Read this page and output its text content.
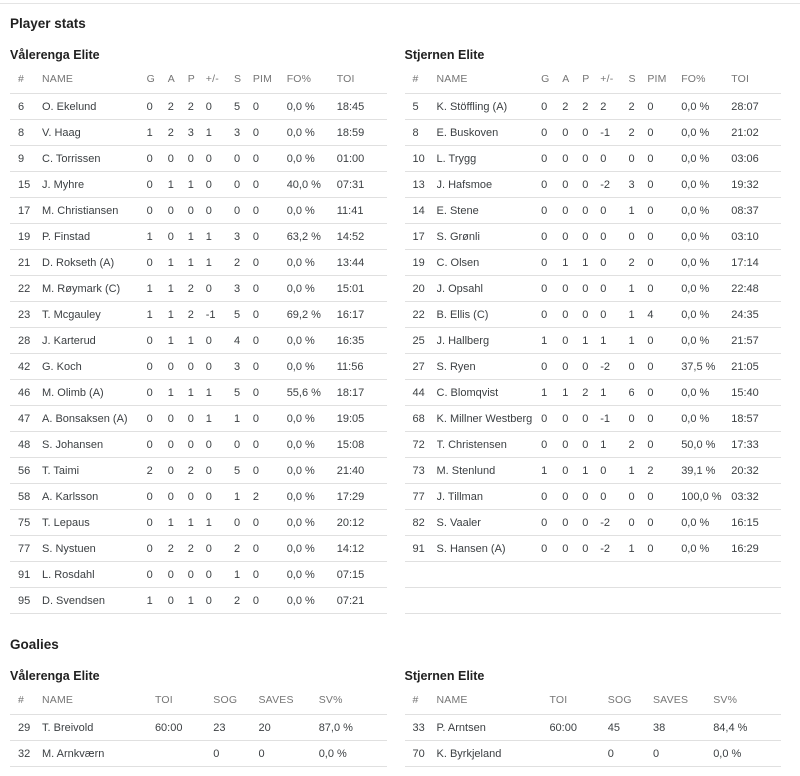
Player stats
Vålerenga Elite
#	NAME	G	A	P	+/-	S	PIM	FO%	TOI
6	O. Ekelund	0	2	2	0	5	0	0,0 %	18:45
8	V. Haag	1	2	3	1	3	0	0,0 %	18:59
9	C. Torrissen	0	0	0	0	0	0	0,0 %	01:00
15	J. Myhre	0	1	1	0	0	0	40,0 %	07:31
17	M. Christiansen	0	0	0	0	0	0	0,0 %	11:41
19	P. Finstad	1	0	1	1	3	0	63,2 %	14:52
21	D. Rokseth (A)	0	1	1	1	2	0	0,0 %	13:44
22	M. Røymark (C)	1	1	2	0	3	0	0,0 %	15:01
23	T. Mcgauley	1	1	2	-1	5	0	69,2 %	16:17
28	J. Karterud	0	1	1	0	4	0	0,0 %	16:35
42	G. Koch	0	0	0	0	3	0	0,0 %	11:56
46	M. Olimb (A)	0	1	1	1	5	0	55,6 %	18:17
47	A. Bonsaksen (A)	0	0	0	1	1	0	0,0 %	19:05
48	S. Johansen	0	0	0	0	0	0	0,0 %	15:08
56	T. Taimi	2	0	2	0	5	0	0,0 %	21:40
58	A. Karlsson	0	0	0	0	1	2	0,0 %	17:29
75	T. Lepaus	0	1	1	1	0	0	0,0 %	20:12
77	S. Nystuen	0	2	2	0	2	0	0,0 %	14:12
91	L. Rosdahl	0	0	0	0	1	0	0,0 %	07:15
95	D. Svendsen	1	0	1	0	2	0	0,0 %	07:21
Stjernen Elite
#	NAME	G	A	P	+/-	S	PIM	FO%	TOI
5	K. Stöffling (A)	0	2	2	2	2	0	0,0 %	28:07
8	E. Buskoven	0	0	0	-1	2	0	0,0 %	21:02
10	L. Trygg	0	0	0	0	0	0	0,0 %	03:06
13	J. Hafsmoe	0	0	0	-2	3	0	0,0 %	19:32
14	E. Stene	0	0	0	0	1	0	0,0 %	08:37
17	S. Grønli	0	0	0	0	0	0	0,0 %	03:10
19	C. Olsen	0	1	1	0	2	0	0,0 %	17:14
20	J. Opsahl	0	0	0	0	1	0	0,0 %	22:48
22	B. Ellis (C)	0	0	0	0	1	4	0,0 %	24:35
25	J. Hallberg	1	0	1	1	1	0	0,0 %	21:57
27	S. Ryen	0	0	0	-2	0	0	37,5 %	21:05
44	C. Blomqvist	1	1	2	1	6	0	0,0 %	15:40
68	K. Millner Westberg	0	0	0	-1	0	0	0,0 %	18:57
72	T. Christensen	0	0	0	1	2	0	50,0 %	17:33
73	M. Stenlund	1	0	1	0	1	2	39,1 %	20:32
77	J. Tillman	0	0	0	0	0	0	100,0 %	03:32
82	S. Vaaler	0	0	0	-2	0	0	0,0 %	16:15
91	S. Hansen (A)	0	0	0	-2	1	0	0,0 %	16:29

Goalies
Vålerenga Elite
#	NAME	TOI	SOG	SAVES	SV%
29	T. Breivold	60:00	23	20	87,0 %
32	M. Arnkværn		0	0	0,0 %
Stjernen Elite
#	NAME	TOI	SOG	SAVES	SV%
33	P. Arntsen	60:00	45	38	84,4 %
70	K. Byrkjeland		0	0	0,0 %
